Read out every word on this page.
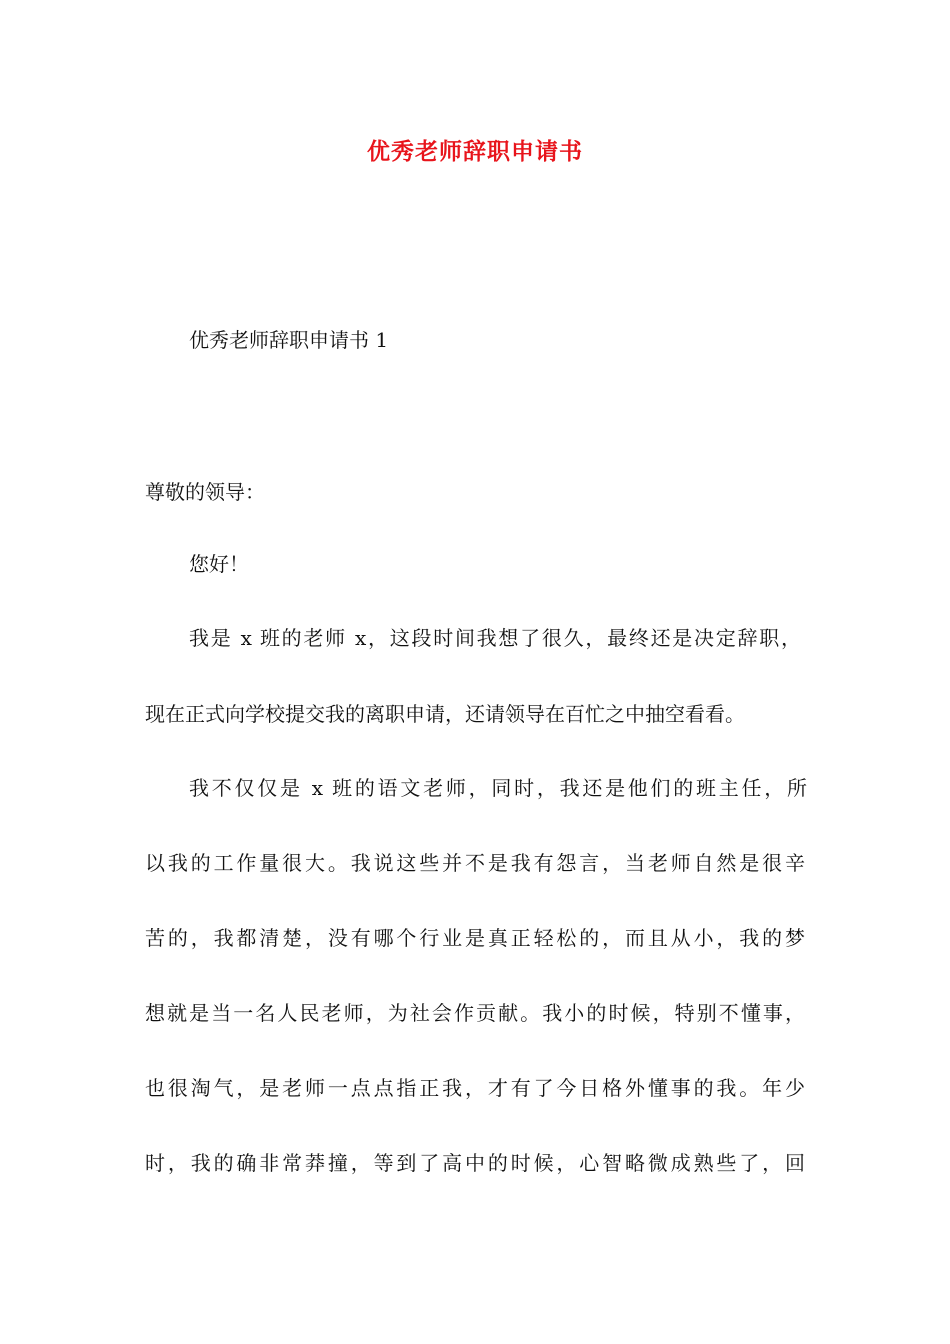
优秀老师辞职申请书
优秀老师辞职申请书 1
尊敬的领导：
您好！
我是 x 班的老师 x，这段时间我想了很久，最终还是决定辞职，
现在正式向学校提交我的离职申请，还请领导在百忙之中抽空看看。
我不仅仅是 x 班的语文老师，同时，我还是他们的班主任，所
以我的工作量很大。我说这些并不是我有怨言，当老师自然是很辛
苦的，我都清楚，没有哪个行业是真正轻松的，而且从小，我的梦
想就是当一名人民老师，为社会作贡献。我小的时候，特别不懂事，
也很淘气，是老师一点点指正我，才有了今日格外懂事的我。年少
时，我的确非常莽撞，等到了高中的时候，心智略微成熟些了，回
